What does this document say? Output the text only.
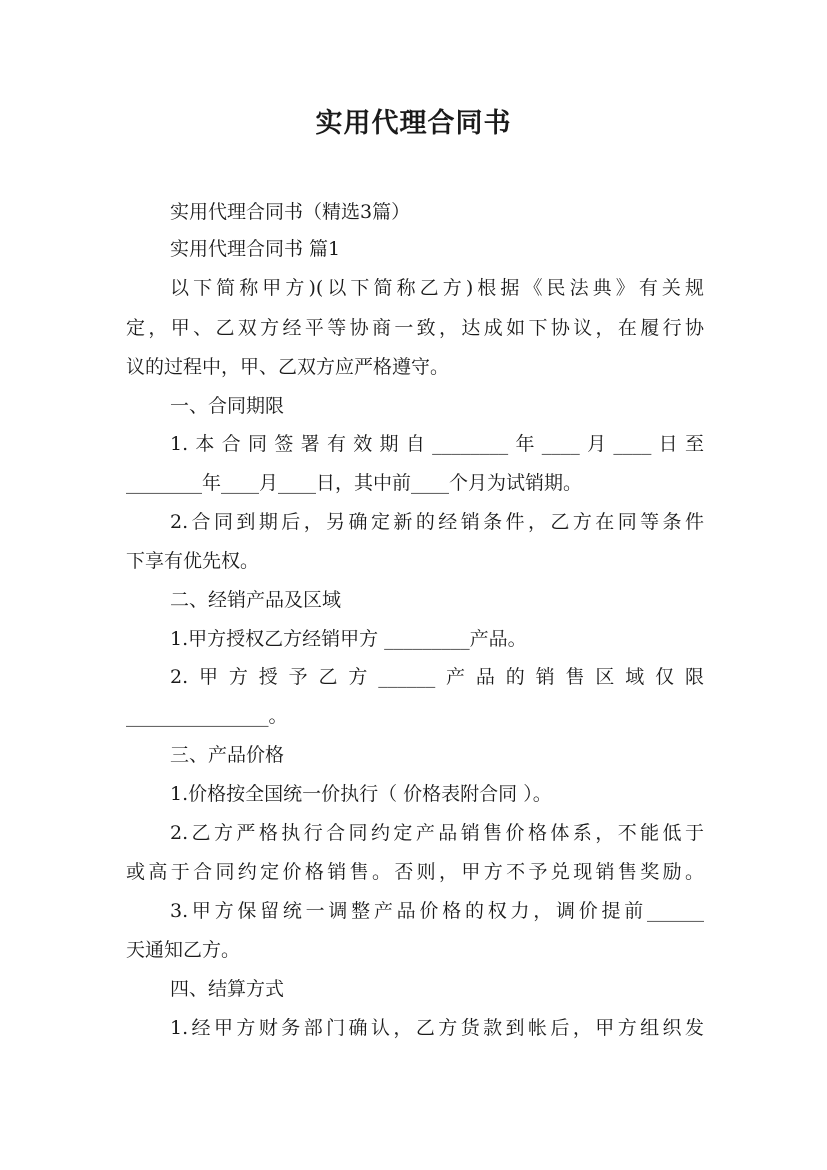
实用代理合同书
实用代理合同书（精选3篇）
实用代理合同书 篇1
以下简称甲方)(以下简称乙方)根据《民法典》有关规
定，甲、乙双方经平等协商一致，达成如下协议，在履行协
议的过程中，甲、乙双方应严格遵守。
一、合同期限
1.本合同签署有效期自________年____月____日至
________年____月____日，其中前____个月为试销期。
2.合同到期后，另确定新的经销条件，乙方在同等条件
下享有优先权。
二、经销产品及区域
1.甲方授权乙方经销甲方 _________产品。
2.甲方授予乙方______产品的销售区域仅限
_______________。
三、产品价格
1.价格按全国统一价执行（ 价格表附合同 ）。
2.乙方严格执行合同约定产品销售价格体系，不能低于
或高于合同约定价格销售。否则，甲方不予兑现销售奖励。
3.甲方保留统一调整产品价格的权力，调价提前______
天通知乙方。
四、结算方式
1.经甲方财务部门确认，乙方货款到帐后，甲方组织发
